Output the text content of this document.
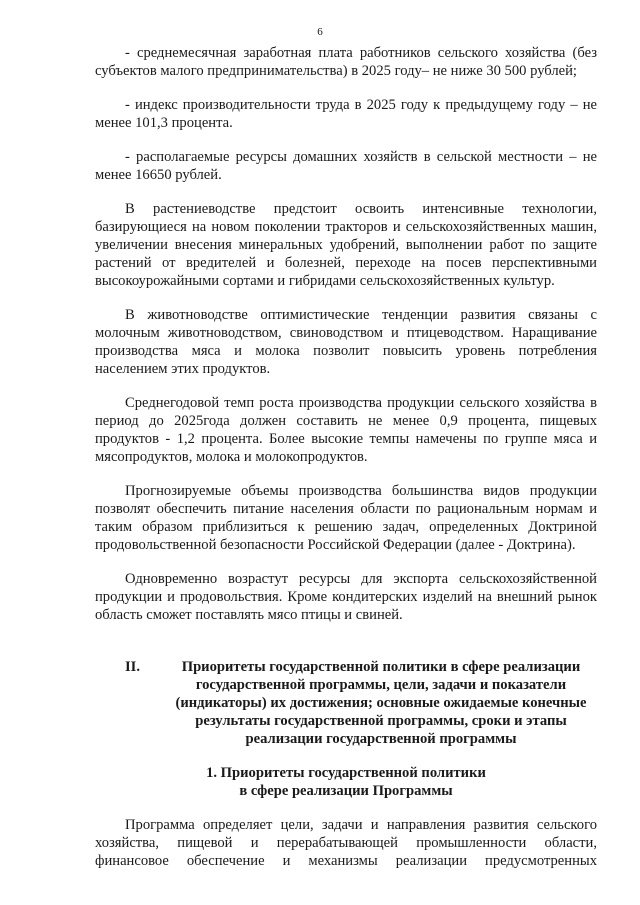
6

- среднемесячная заработная плата работников сельского хозяйства (без субъектов малого предпринимательства) в 2025 году– не ниже 30 500 рублей;

- индекс производительности труда в 2025 году к предыдущему году – не менее 101,3 процента.

- располагаемые ресурсы домашних хозяйств в сельской местности – не менее 16650 рублей.

В растениеводстве предстоит освоить интенсивные технологии, базирующиеся на новом поколении тракторов и сельскохозяйственных машин, увеличении внесения минеральных удобрений, выполнении работ по защите растений от вредителей и болезней, переходе на посев перспективными высокоурожайными сортами и гибридами сельскохозяйственных культур.

В животноводстве оптимистические тенденции развития связаны с молочным животноводством, свиноводством и птицеводством. Наращивание производства мяса и молока позволит повысить уровень потребления населением этих продуктов.

Среднегодовой темп роста производства продукции сельского хозяйства в период до 2025года должен составить не менее 0,9 процента, пищевых продуктов - 1,2 процента. Более высокие темпы намечены по группе мяса и мясопродуктов, молока и молокопродуктов.

Прогнозируемые объемы производства большинства видов продукции позволят обеспечить питание населения области по рациональным нормам и таким образом приблизиться к решению задач, определенных Доктриной продовольственной безопасности Российской Федерации (далее - Доктрина).

Одновременно возрастут ресурсы для экспорта сельскохозяйственной продукции и продовольствия. Кроме кондитерских изделий на внешний рынок область сможет поставлять мясо птицы и свиней.

II.	Приоритеты государственной политики в сфере реализации государственной программы, цели, задачи и показатели (индикаторы) их достижения; основные ожидаемые конечные результаты государственной программы, сроки и этапы реализации государственной программы
1. Приоритеты государственной политики
в сфере реализации Программы

Программа определяет цели, задачи и направления развития сельского хозяйства, пищевой и перерабатывающей промышленности области, финансовое обеспечение и механизмы реализации предусмотренных
